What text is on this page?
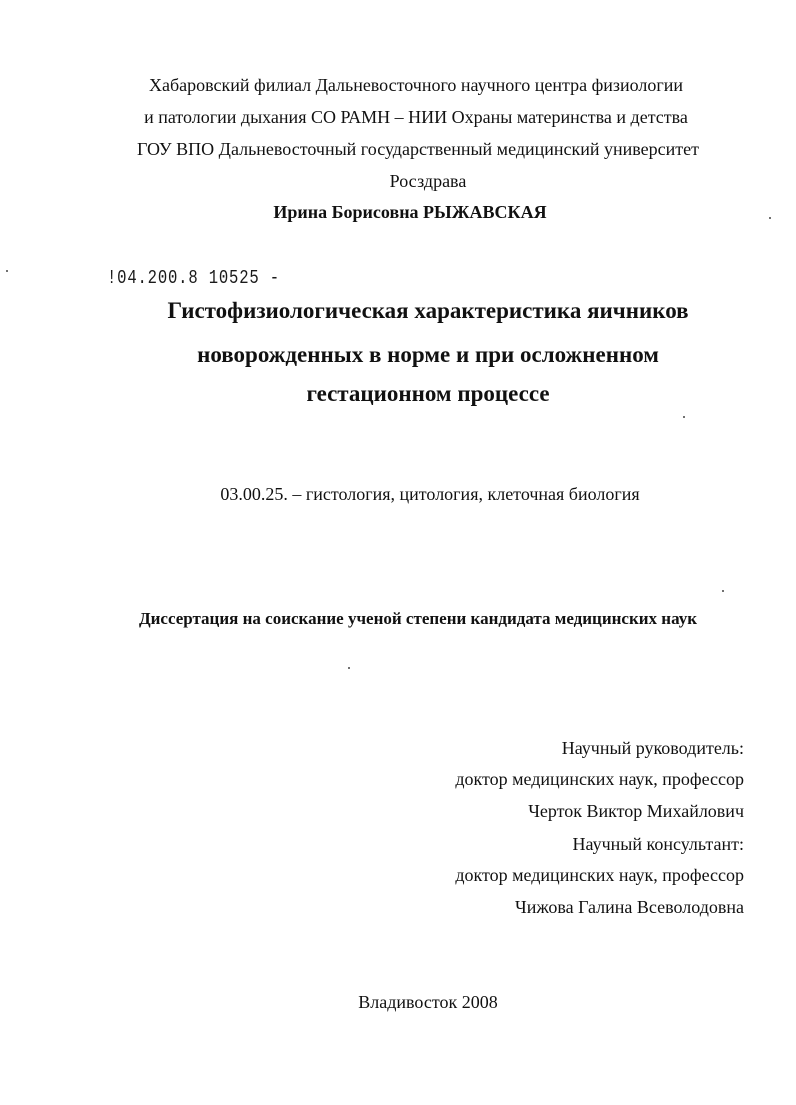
Хабаровский филиал Дальневосточного научного центра физиологии
и патологии дыхания СО РАМН – НИИ Охраны материнства и детства
ГОУ ВПО Дальневосточный государственный медицинский университет
Росздрава
Ирина Борисовна РЫЖАВСКАЯ
!04.200.8 10525 -
Гистофизиологическая характеристика яичников
новорожденных в норме и при осложненном
гестационном процессе
03.00.25. – гистология, цитология, клеточная биология
Диссертация на соискание ученой степени кандидата медицинских наук
Научный руководитель:
доктор медицинских наук, профессор
Черток Виктор Михайлович
Научный консультант:
доктор медицинских наук, профессор
Чижова Галина Всеволодовна
Владивосток 2008
